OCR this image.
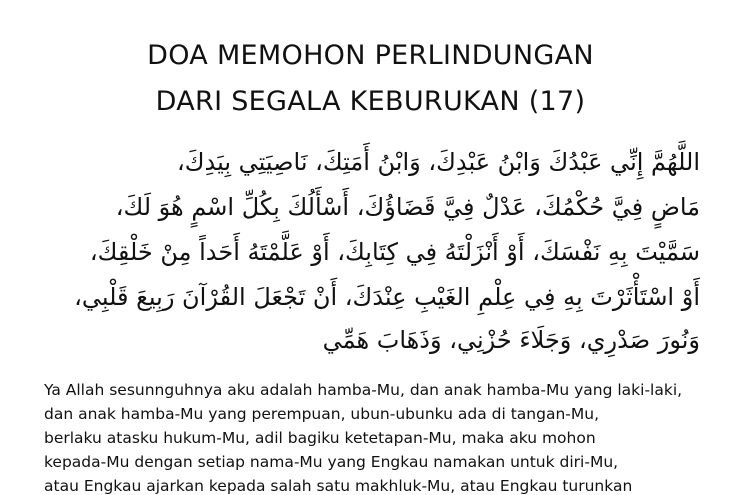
DOA MEMOHON PERLINDUNGAN
DARI SEGALA KEBURUKAN (17)
اللَّهُمَّ إِنِّي عَبْدُكَ وَابْنُ عَبْدِكَ، وَابْنُ أَمَتِكَ، نَاصِيَتِي بِيَدِكَ،
مَاضٍ فِيَّ حُكْمُكَ، عَدْلٌ فِيَّ قَضَاؤُكَ، أَسْأَلُكَ بِكُلِّ اسْمٍ هُوَ لَكَ،
سَمَّيْتَ بِهِ نَفْسَكَ، أَوْ أَنْزَلْتَهُ فِي كِتَابِكَ، أَوْ عَلَّمْتَهُ أَحَداً مِنْ خَلْقِكَ،
أَوْ اسْتَأْثَرْتَ بِهِ فِي عِلْمِ الغَيْبِ عِنْدَكَ، أَنْ تَجْعَلَ القُرْآنَ رَبِيعَ قَلْبِي،
وَنُورَ صَدْرِي، وَجَلَاءَ حُزْنِي، وَذَهَابَ هَمِّي
Ya Allah sesunnguhnya aku adalah hamba-Mu, dan anak hamba-Mu yang laki-laki,
dan anak hamba-Mu yang perempuan, ubun-ubunku ada di tangan-Mu,
berlaku atasku hukum-Mu, adil bagiku ketetapan-Mu, maka aku mohon
kepada-Mu dengan setiap nama-Mu yang Engkau namakan untuk diri-Mu,
atau Engkau ajarkan kepada salah satu makhluk-Mu, atau Engkau turunkan
